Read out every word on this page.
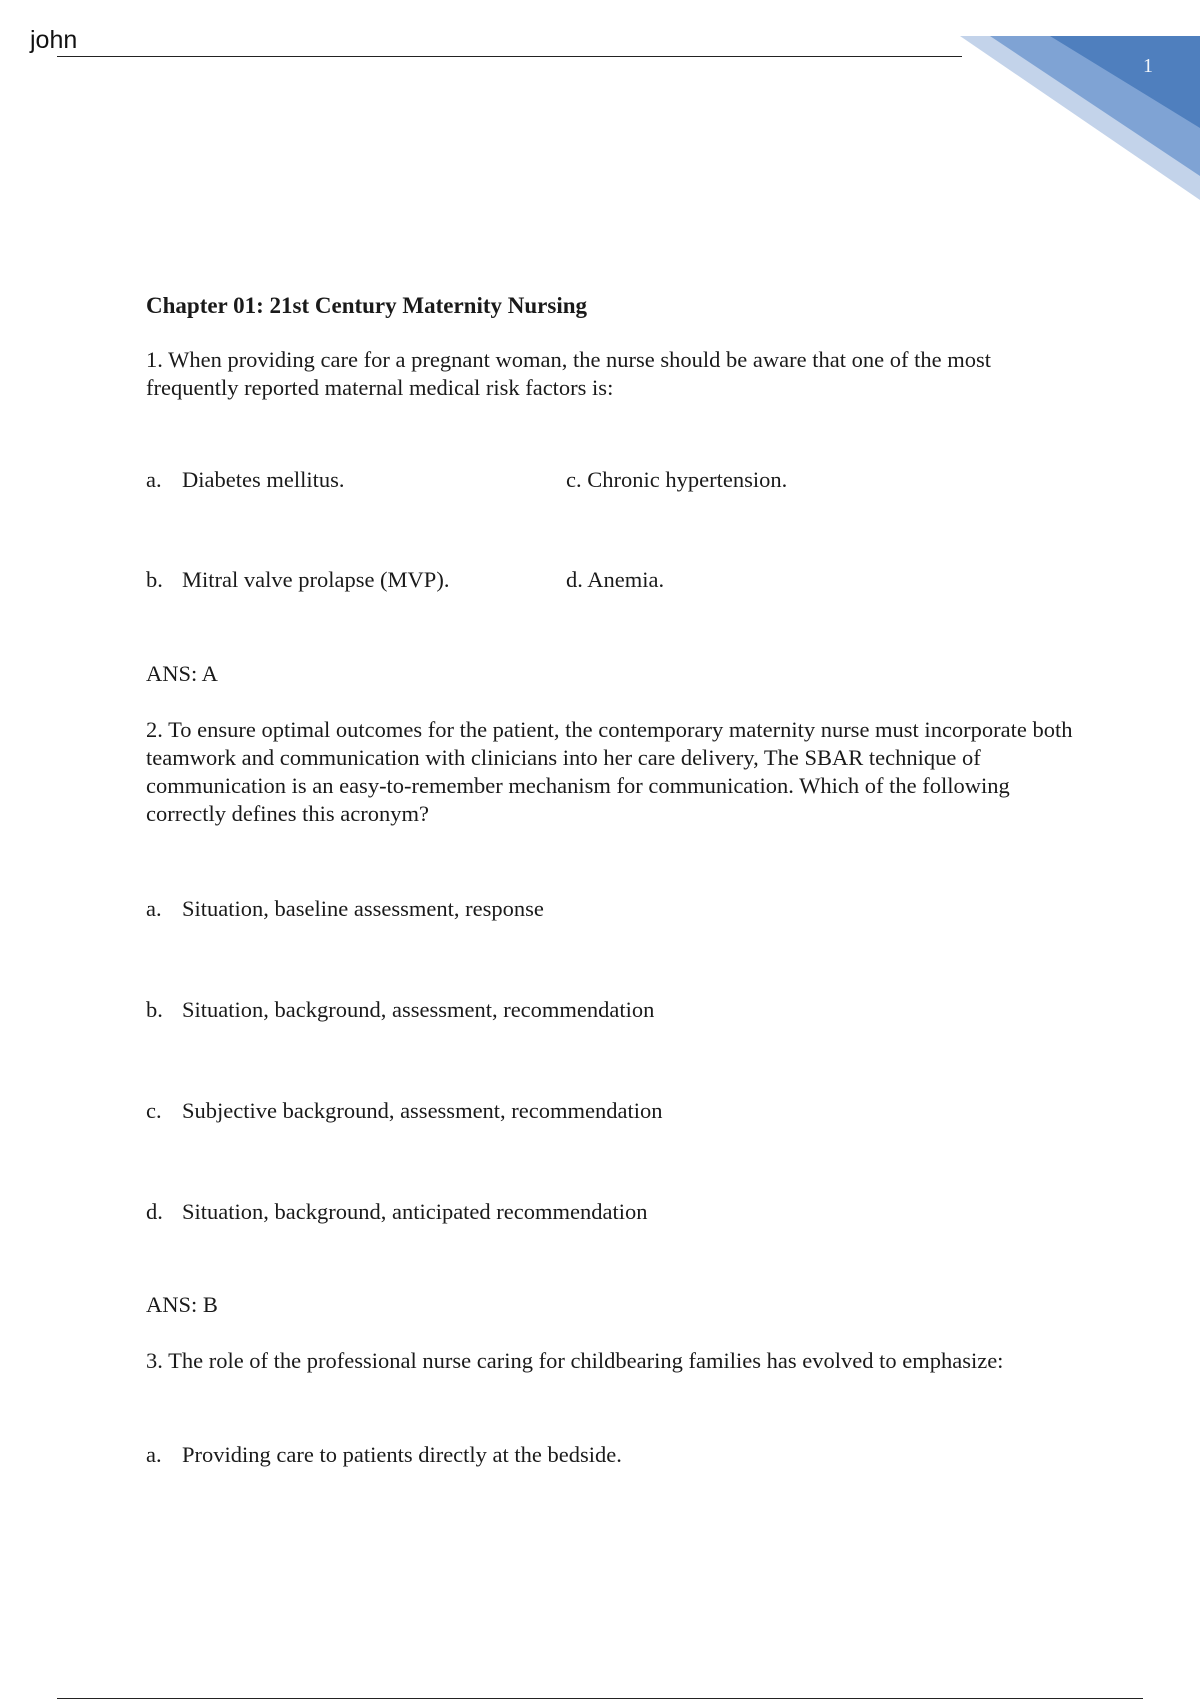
john
1
Chapter 01: 21st Century Maternity Nursing

1. When providing care for a pregnant woman, the nurse should be aware that one of the most frequently reported maternal medical risk factors is:

a. Diabetes mellitus.	c. Chronic hypertension.
b. Mitral valve prolapse (MVP).	d. Anemia.
ANS: A

2. To ensure optimal outcomes for the patient, the contemporary maternity nurse must incorporate both teamwork and communication with clinicians into her care delivery, The SBAR technique of communication is an easy-to-remember mechanism for communication. Which of the following correctly defines this acronym?

a. Situation, baseline assessment, response
b. Situation, background, assessment, recommendation
c. Subjective background, assessment, recommendation
d. Situation, background, anticipated recommendation
ANS: B

3. The role of the professional nurse caring for childbearing families has evolved to emphasize:

a. Providing care to patients directly at the bedside.
